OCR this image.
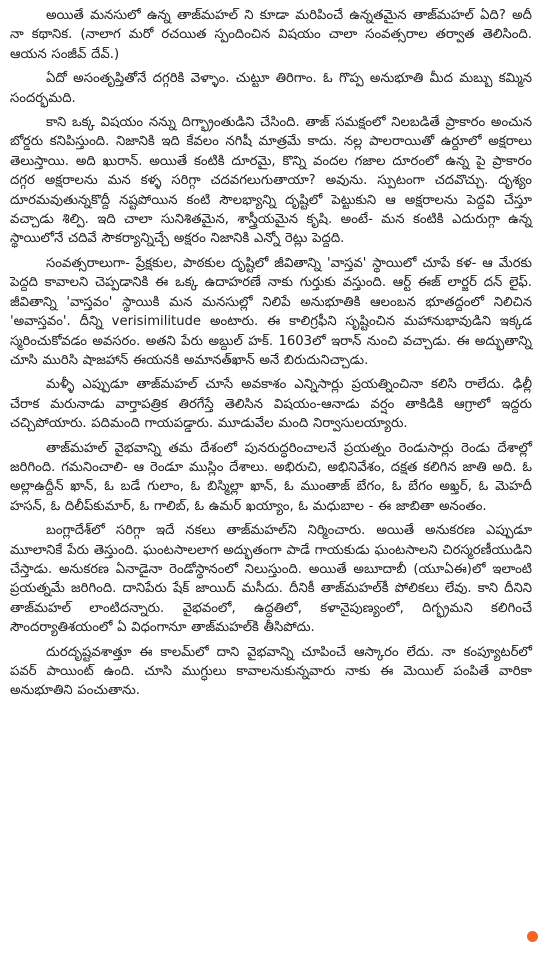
అయితే మనసులో ఉన్న తాజ్‌మహల్ ని కూడా మరిపించే ఉన్నతమైన తాజ్‌మహల్ ఏది? అదీ నా కథానిక. (నాలాగ మరో రచయిత స్పందించిన విషయం చాలా సంవత్సరాల తర్వాత తెలిసింది. ఆయన సంజీవ్ దేవ్.)

ఏదో అసంతృప్తితోనే దగ్గరికి వెళ్ళాం. చుట్టూ తిరిగాం. ఓ గొప్ప అనుభూతి మీద మబ్బు కమ్మిన సందర్భమది.

కాని ఒక్క విషయం నన్ను దిగ్భ్రాంతుడిని చేసింది. తాజ్ సమక్షంలో నిలబడితే ప్రాకారం అంచున బోర్డరు కనిపిస్తుంది. నిజానికి ఇది కేవలం నగిషీ మాత్రమే కాదు. నల్ల పాలరాయితో ఉర్దూలో అక్షరాలు తెలుస్తాయి. అది ఖురాన్. అయితే కంటికి దూరమై, కొన్ని వందల గజాల దూరంలో ఉన్న పై ప్రాకారం దగ్గర అక్షరాలను మన కళ్ళ సరిగ్గా చదవగలుగుతాయా? అవును. స్పుటంగా చదవొచ్చు. దృశ్యం దూరమవుతున్నకొద్దీ నష్టపోయిన కంటి సౌలభ్యాన్ని దృష్టిలో పెట్టుకుని ఆ అక్షరాలను పెద్దవి చేస్తూ వచ్చాడు శిల్పి. ఇది చాలా సునిశితమైన, శాస్త్రీయమైన కృషి. అంటే- మన కంటికి ఎదురుగ్గా ఉన్న స్థాయిలోనే చదివే సౌకర్యాన్నిచ్చే అక్షరం నిజానికి ఎన్నో రెట్లు పెద్దది.

సంవత్సరాలుగా- ప్రేక్షకుల, పాఠకుల దృష్టిలో జీవితాన్ని 'వాస్తవ' స్థాయిలో చూపే కళ- ఆ మేరకు పెద్దది కావాలని చెప్పడానికి ఈ ఒక్క ఉదాహరణే నాకు గుర్తుకు వస్తుంది. ఆర్ట్ ఈజ్ లార్జర్ దన్ లైఫ్. జీవితాన్ని 'వాస్తవం' స్థాయికి మన మనసుల్లో నిలిపే అనుభూతికి ఆలంబన భూతద్దంలో నిలిచిన 'అవాస్తవం'. దీన్ని verisimilitude అంటారు. ఈ కాలిగ్రఫీని సృష్టించిన మహానుభావుడిని ఇక్కడ స్మరించుకోవడం అవసరం. అతని పేరు అబ్దుల్ హక్. 1603లో ఇరాన్ నుంచి వచ్చాడు. ఈ అద్భుతాన్ని చూసి మురిసి షాజహాన్ ఈయనకి అమానత్‌ఖాన్ అనే బిరుదునిచ్చాడు.

మళ్ళీ ఎప్పుడూ తాజ్‌మహల్ చూసే అవకాశం ఎన్నిసార్లు ప్రయత్నించినా కలిసి రాలేదు. ఢిల్లీ చేరాక మరునాడు వార్తాపత్రిక తిరగేస్తే తెలిసిన విషయం-ఆనాడు వర్షం తాకిడికి ఆగ్రాలో ఇద్దరు చచ్చిపోయారు. పదిమంది గాయపడ్డారు. మూడువేల మంది నిర్వాసులయ్యారు.

తాజ్‌మహల్ వైభవాన్ని తమ దేశంలో పునరుద్ధరించాలనే ప్రయత్నం రెండుసార్లు రెండు దేశాల్లో జరిగింది. గమనించాలి- ఆ రెండూ ముస్లిం దేశాలు. అభిరుచి, అభినివేశం, దక్షత కలిగిన జాతి అది. ఓ అల్లాఉద్దీన్ ఖాన్, ఓ బడే గులాం, ఓ బిస్మిల్లా ఖాన్, ఓ ముంతాజ్ బేగం, ఓ బేగం అఖ్తర్, ఓ మెహదీ హసన్, ఓ దిలీప్‌కుమార్, ఓ గాలిబ్, ఓ ఉమర్ ఖయ్యాం, ఓ మధుబాల - ఈ జాబితా అనంతం.

బంగ్లాదేశ్‌లో సరిగ్గా ఇదే నకలు తాజ్‌మహల్‌ని నిర్మించారు. అయితే అనుకరణ ఎప్పుడూ మూలానికే పేరు తెస్తుంది. ఘంటసాలలాగ అద్భుతంగా పాడే గాయకుడు ఘంటసాలని చిరస్మరణీయుడిని చేస్తాడు. అనుకరణ ఏనాడైనా రెండోస్థానంలో నిలుస్తుంది. అయితే అబూదాబీ (యూఏఈ)లో ఇలాంటి ప్రయత్నమే జరిగింది. దానిపేరు షేక్ జాయిద్ మసీదు. దీనికీ తాజ్‌మహల్‌కీ పోలికలు లేవు. కాని దీనిని తాజ్‌మహల్ లాంటిదన్నారు. వైభవంలో, ఉద్ధతిలో, కళానైపుణ్యంలో, దిగ్భ్రమని కలిగించే సౌందర్యాతిశయంలో ఏ విధంగానూ తాజ్‌మహల్‌కి తీసిపోదు.

దురదృష్టవశాత్తూ ఈ కాలమ్‌లో దాని వైభవాన్ని చూపించే ఆస్కారం లేదు. నా కంప్యూటర్‌లో పవర్ పాయింట్ ఉంది. చూసి ముగ్ధులు కావాలనుకున్నవారు నాకు ఈ మెయిల్ పంపితే వారికా అనుభూతిని పంచుతాను.
